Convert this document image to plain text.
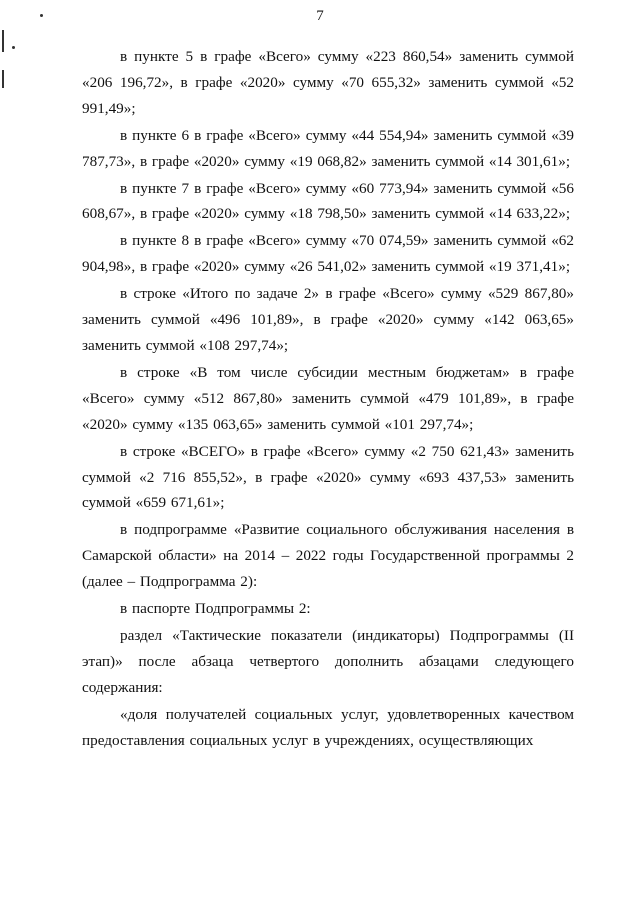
7

в пункте 5 в графе «Всего» сумму «223 860,54» заменить суммой «206 196,72», в графе «2020» сумму «70 655,32» заменить суммой «52 991,49»;

в пункте 6 в графе «Всего» сумму «44 554,94» заменить суммой «39 787,73», в графе «2020» сумму «19 068,82» заменить суммой «14 301,61»;

в пункте 7 в графе «Всего» сумму «60 773,94» заменить суммой «56 608,67», в графе «2020» сумму «18 798,50» заменить суммой «14 633,22»;

в пункте 8 в графе «Всего» сумму «70 074,59» заменить суммой «62 904,98», в графе «2020» сумму «26 541,02» заменить суммой «19 371,41»;

в строке «Итого по задаче 2» в графе «Всего» сумму «529 867,80» заменить суммой «496 101,89», в графе «2020» сумму «142 063,65» заменить суммой «108 297,74»;

в строке «В том числе субсидии местным бюджетам» в графе «Всего» сумму «512 867,80» заменить суммой «479 101,89», в графе «2020» сумму «135 063,65» заменить суммой «101 297,74»;

в строке «ВСЕГО» в графе «Всего» сумму «2 750 621,43» заменить суммой «2 716 855,52», в графе «2020» сумму «693 437,53» заменить суммой «659 671,61»;

в подпрограмме «Развитие социального обслуживания населения в Самарской области» на 2014 – 2022 годы Государственной программы 2 (далее – Подпрограмма 2):

в паспорте Подпрограммы 2:

раздел «Тактические показатели (индикаторы) Подпрограммы (II этап)» после абзаца четвертого дополнить абзацами следующего содержания:

«доля получателей социальных услуг, удовлетворенных качеством предоставления социальных услуг в учреждениях, осуществляющих
